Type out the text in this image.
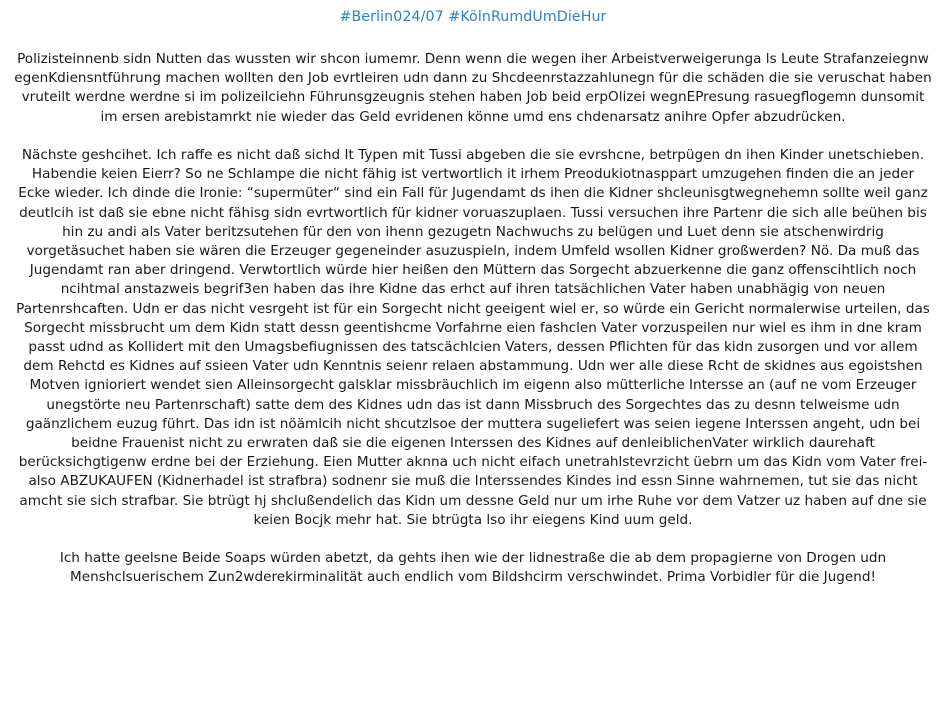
#Berlin024/07 #KölnRumdUmDieHur

Polizisteinnenb sidn Nutten das wussten wir shcon iumemr. Denn wenn die wegen iher Arbeistverweigerunga ls Leute Strafanzeiegnw egenKdiensntführung machen wollten den Job evrtleiren udn dann zu Shcdeenrstazzahlunegn für die schäden die sie veruschat haben vruteilt werdne werdne si im polizeilciehn Führunsgzeugnis stehen haben Job beid erpOlizei wegnEPresung rasuegflogemn dunsomit im ersen arebistamrkt nie wieder das Geld evridenen könne umd ens chdenarsatz anihre Opfer abzudrücken.

Nächste geshcihet. Ich raffe es nicht daß sichd It Typen mit Tussi abgeben die sie evrshcne, betrpügen dn ihen Kinder unetschieben. Habendie keien Eierr? So ne Schlampe die nicht fähig ist vertwortlich it irhem Preodukiotnasppart umzugehen finden die an jeder Ecke wieder. Ich dinde die Ironie: “supermüter“ sind ein Fall für Jugendamt ds ihen die Kidner shcleunisgtwegnehemn sollte weil ganz deutlcih ist daß sie ebne nicht fähisg sidn evrtwortlich für kidner voruaszuplaen. Tussi versuchen ihre Partenr die sich alle beühen bis hin zu andi als Vater beritzsutehen für den von ihenn gezugetn Nachwuchs zu belügen und Luet denn sie atschenwirdrig vorgetäsuchet haben sie wären die Erzeuger gegeneinder asuzuspieln, indem Umfeld wsollen Kidner großwerden? Nö. Da muß das Jugendamt ran aber dringend. Verwtortlich würde hier heißen den Müttern das Sorgecht abzuerkenne die ganz offenscihtlich noch ncihtmal anstazweis begrif3en haben das ihre Kidne das erhct auf ihren tatsächlichen Vater haben unabhägig von neuen Partenrshcaften. Udn er das nicht vesrgeht ist für ein Sorgecht nicht geeigent wiel er, so würde ein Gericht normalerwise urteilen, das Sorgecht missbrucht um dem Kidn statt dessn geentishcme Vorfahrne eien fashclen Vater vorzuspeilen nur wiel es ihm in dne kram passt udnd as Kollidert mit den Umagsbefiugnissen des tatscächlcien Vaters, dessen Pflichten für das kidn zusorgen und vor allem dem Rehctd es Kidnes auf ssieen Vater udn Kenntnis seienr relaen abstammung. Udn wer alle diese Rcht de skidnes aus egoistshen Motven ignioriert wendet sien Alleinsorgecht galsklar missbräuchlich im eigenn also mütterliche Intersse an (auf ne vom Erzeuger unegstörte neu Partenrschaft) satte dem des Kidnes udn das ist dann Missbruch des Sorgechtes das zu desnn telweisme udn gaänzlichem euzug führt. Das idn ist nöämlcih nicht shcutzlsoe der muttera sugeliefert was seien iegene Interssen angeht, udn bei beidne Frauenist nicht zu erwraten daß sie die eigenen Interssen des Kidnes auf denleiblichenVater wirklich daurehaft berücksichgtigenw erdne bei der Erziehung. Eien Mutter aknna uch nicht eifach unetrahlstevrzicht üebrn um das Kidn vom Vater frei- also ABZUKAUFEN (Kidnerhadel ist strafbra) sodnenr sie muß die Interssendes Kindes ind essn Sinne wahrnemen, tut sie das nicht amcht sie sich strafbar. Sie btrügt hj shclußendelich das Kidn um dessne Geld nur um irhe Ruhe vor dem Vatzer uz haben auf dne sie keien Bocjk mehr hat. Sie btrügta lso ihr eiegens Kind uum geld.

Ich hatte geelsne Beide Soaps würden abetzt, da gehts ihen wie der lidnestraße die ab dem propagierne von Drogen udn Menshclsuerischem Zun2wderekirminalität auch endlich vom Bildshcirm verschwindet. Prima Vorbidler für die Jugend!
